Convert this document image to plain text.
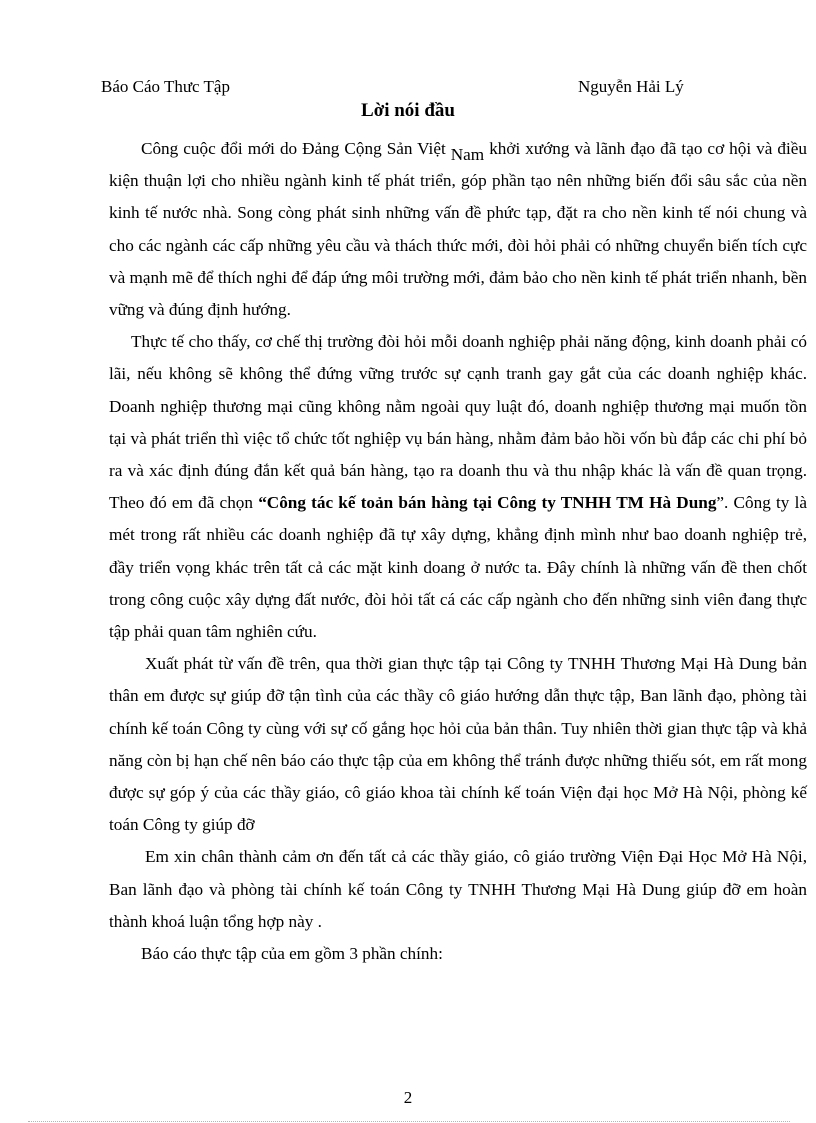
Báo Cáo Thưc Tập	Nguyễn Hải Lý
Lời nói đầu

Công cuộc đổi mới do Đảng Cộng Sản Việt Nam khởi xướng và lãnh đạo đã tạo cơ hội và điều kiện thuận lợi cho nhiều ngành kinh tế phát triển, góp phần tạo nên những biến đổi sâu sắc của nền kinh tế nước nhà. Song còng phát sinh những vấn đề phức tạp, đặt ra cho nền kinh tế nói chung và cho các ngành các cấp những yêu cầu và thách thức mới, đòi hỏi phải có những chuyển biến tích cực và mạnh mẽ để thích nghi để đáp ứng môi trường mới, đảm bảo cho nền kinh tế phát triển nhanh, bền vững và đúng định hướng.

Thực tế cho thấy, cơ chế thị trường đòi hỏi mỗi doanh nghiệp phải năng động, kinh doanh phải có lãi, nếu không sẽ không thể đứng vững trước sự cạnh tranh gay gắt của các doanh nghiệp khác. Doanh nghiệp thương mại cũng không nằm ngoài quy luật đó, doanh nghiệp thương mại muốn tồn tại và phát triển thì việc tổ chức tốt nghiệp vụ bán hàng, nhằm đảm bảo hồi vốn bù đắp các chi phí bỏ ra và xác định đúng đắn kết quả bán hàng, tạo ra doanh thu và thu nhập khác là vấn đề quan trọng. Theo đó em đã chọn “Công tác kế toản bán hàng tại Công ty TNHH TM Hà Dung”. Công ty là mét trong rất nhiều các doanh nghiệp đã tự xây dựng, khẳng định mình như bao doanh nghiệp trẻ, đầy triển vọng khác trên tất cả các mặt kinh doang ở nước ta. Đây chính là những vấn đề then chốt trong công cuộc xây dựng đất nước, đòi hỏi tất cá các cấp ngành cho đến những sinh viên đang thực tập phải quan tâm nghiên cứu.

Xuất phát từ vấn đề trên, qua thời gian thực tập tại Công ty TNHH Thương Mại Hà Dung bản thân em được sự giúp đỡ tận tình của các thầy cô giáo hướng dẫn thực tập, Ban lãnh đạo, phòng tài chính kế toán Công ty cùng với sự cố gắng học hỏi của bản thân. Tuy nhiên thời gian thực tập và khả năng còn bị hạn chế nên báo cáo thực tập của em không thể tránh được những thiếu sót, em rất mong được sự góp ý của các thầy giáo, cô giáo khoa tài chính kế toán Viện đại học Mở Hà Nội, phòng kế toán Công ty giúp đỡ

Em xin chân thành cảm ơn đến tất cả các thầy giáo, cô giáo trường Viện Đại Học Mở Hà Nội, Ban lãnh đạo và phòng tài chính kế toán Công ty TNHH Thương Mại Hà Dung giúp đỡ em hoàn thành khoá luận tổng hợp này .

Báo cáo thực tập của em gồm 3 phần chính:

2
